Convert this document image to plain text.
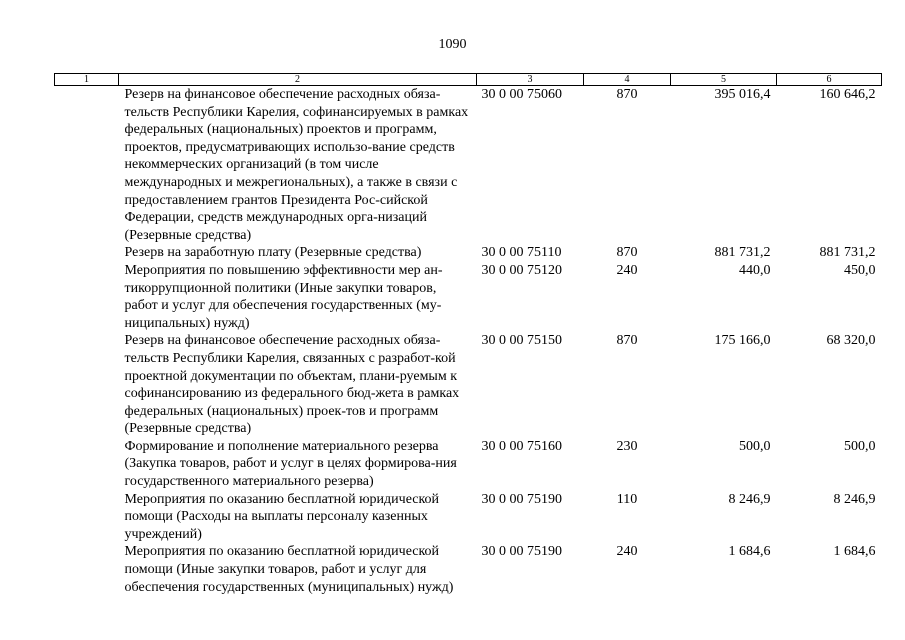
1090
1	2	3	4	5	6
	Резерв на финансовое обеспечение расходных обяза-тельств Республики Карелия, софинансируемых в рамках федеральных (национальных) проектов и программ, проектов, предусматривающих использо-вание средств некоммерческих организаций (в том числе международных и межрегиональных), а также в связи с предоставлением грантов Президента Рос-сийской Федерации, средств международных орга-низаций (Резервные средства)	30 0 00 75060	870	395 016,4	160 646,2
	Резерв на заработную плату (Резервные средства)	30 0 00 75110	870	881 731,2	881 731,2
	Мероприятия по повышению эффективности мер ан-тикоррупционной политики (Иные закупки товаров, работ и услуг для обеспечения государственных (му-ниципальных) нужд)	30 0 00 75120	240	440,0	450,0
	Резерв на финансовое обеспечение расходных обяза-тельств Республики Карелия, связанных с разработ-кой проектной документации по объектам, плани-руемым к софинансированию из федерального бюд-жета в рамках федеральных (национальных) проек-тов и программ (Резервные средства)	30 0 00 75150	870	175 166,0	68 320,0
	Формирование и пополнение материального резерва (Закупка товаров, работ и услуг в целях формирова-ния государственного материального резерва)	30 0 00 75160	230	500,0	500,0
	Мероприятия по оказанию бесплатной юридической помощи (Расходы на выплаты персоналу казенных учреждений)	30 0 00 75190	110	8 246,9	8 246,9
	Мероприятия по оказанию бесплатной юридической помощи (Иные закупки товаров, работ и услуг для обеспечения государственных (муниципальных) нужд)	30 0 00 75190	240	1 684,6	1 684,6
